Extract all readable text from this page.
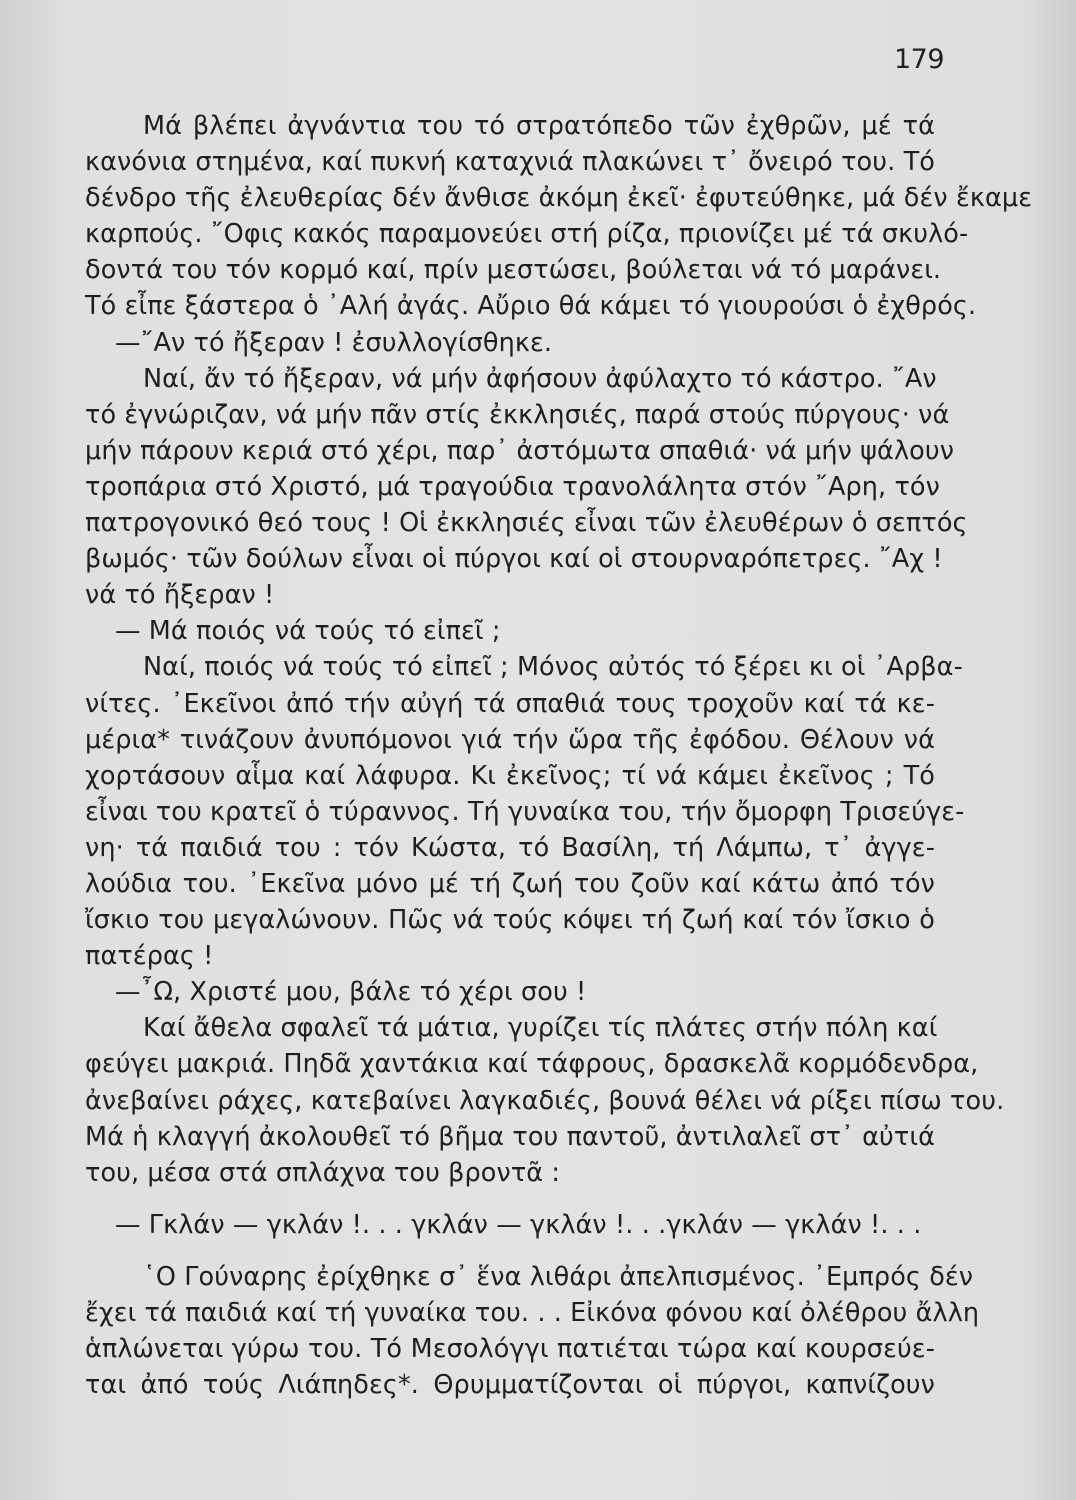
179
Μά βλέπει ἀγνάντια του τό στρατόπεδο τῶν ἐχθρῶν, μέ τά
κανόνια στημένα, καί πυκνή καταχνιά πλακώνει τ᾽ ὄνειρό του. Τό
δένδρο τῆς ἐλευθερίας δέν ἄνθισε ἀκόμη ἐκεῖ· ἐφυτεύθηκε, μά δέν ἔκαμε
καρπούς. ῎Οφις κακός παραμονεύει στή ρίζα, πριονίζει μέ τά σκυλό-
δοντά του τόν κορμό καί, πρίν μεστώσει, βούλεται νά τό μαράνει.
Τό εἶπε ξάστερα ὁ ᾽Αλή ἀγάς. Αὔριο θά κάμει τό γιουρούσι ὁ ἐχθρός.
—῎Αν τό ἤξεραν ! ἐσυλλογίσθηκε.
Ναί, ἄν τό ἤξεραν, νά μήν ἀφήσουν ἀφύλαχτο τό κάστρο. ῎Αν
τό ἐγνώριζαν, νά μήν πᾶν στίς ἐκκλησιές, παρά στούς πύργους· νά
μήν πάρουν κεριά στό χέρι, παρ᾽ ἀστόμωτα σπαθιά· νά μήν ψάλουν
τροπάρια στό Χριστό, μά τραγούδια τρανολάλητα στόν ῎Αρη, τόν
πατρογονικό θεό τους ! Οἱ ἐκκλησιές εἶναι τῶν ἐλευθέρων ὁ σεπτός
βωμός· τῶν δούλων εἶναι οἱ πύργοι καί οἱ στουρναρόπετρες. ῎Αχ !
νά τό ἤξεραν !
— Μά ποιός νά τούς τό εἰπεῖ ;
Ναί, ποιός νά τούς τό εἰπεῖ ; Μόνος αὐτός τό ξέρει κι οἱ ᾽Αρβα-
νίτες. ᾽Εκεῖνοι ἀπό τήν αὐγή τά σπαθιά τους τροχοῦν καί τά κε-
μέρια* τινάζουν ἀνυπόμονοι γιά τήν ὥρα τῆς ἐφόδου. Θέλουν νά
χορτάσουν αἷμα καί λάφυρα. Κι ἐκεῖνος; τί νά κάμει ἐκεῖνος ; Τό
εἶναι του κρατεῖ ὁ τύραννος. Τή γυναίκα του, τήν ὄμορφη Τρισεύγε-
νη· τά παιδιά του : τόν Κώστα, τό Βασίλη, τή Λάμπω, τ᾽ ἀγγε-
λούδια του. ᾽Εκεῖνα μόνο μέ τή ζωή του ζοῦν καί κάτω ἀπό τόν
ἴσκιο του μεγαλώνουν. Πῶς νά τούς κόψει τή ζωή καί τόν ἴσκιο ὁ
πατέρας !
—῏Ω, Χριστέ μου, βάλε τό χέρι σου !
Καί ἄθελα σφαλεῖ τά μάτια, γυρίζει τίς πλάτες στήν πόλη καί
φεύγει μακριά. Πηδᾶ χαντάκια καί τάφρους, δρασκελᾶ κορμόδενδρα,
ἀνεβαίνει ράχες, κατεβαίνει λαγκαδιές, βουνά θέλει νά ρίξει πίσω του.
Μά ἡ κλαγγή ἀκολουθεῖ τό βῆμα του παντοῦ, ἀντιλαλεῖ στ᾽ αὐτιά
του, μέσα στά σπλάχνα του βροντᾶ :
— Γκλάν — γκλάν !. . . γκλάν — γκλάν !. . .γκλάν — γκλάν !. . .
῾Ο Γούναρης ἐρίχθηκε σ᾽ ἕνα λιθάρι ἀπελπισμένος. ᾽Εμπρός δέν
ἔχει τά παιδιά καί τή γυναίκα του. . . Εἰκόνα φόνου καί ὀλέθρου ἄλλη
ἁπλώνεται γύρω του. Τό Μεσολόγγι πατιέται τώρα καί κουρσεύε-
ται ἀπό τούς Λιάπηδες*. Θρυμματίζονται οἱ πύργοι, καπνίζουν
